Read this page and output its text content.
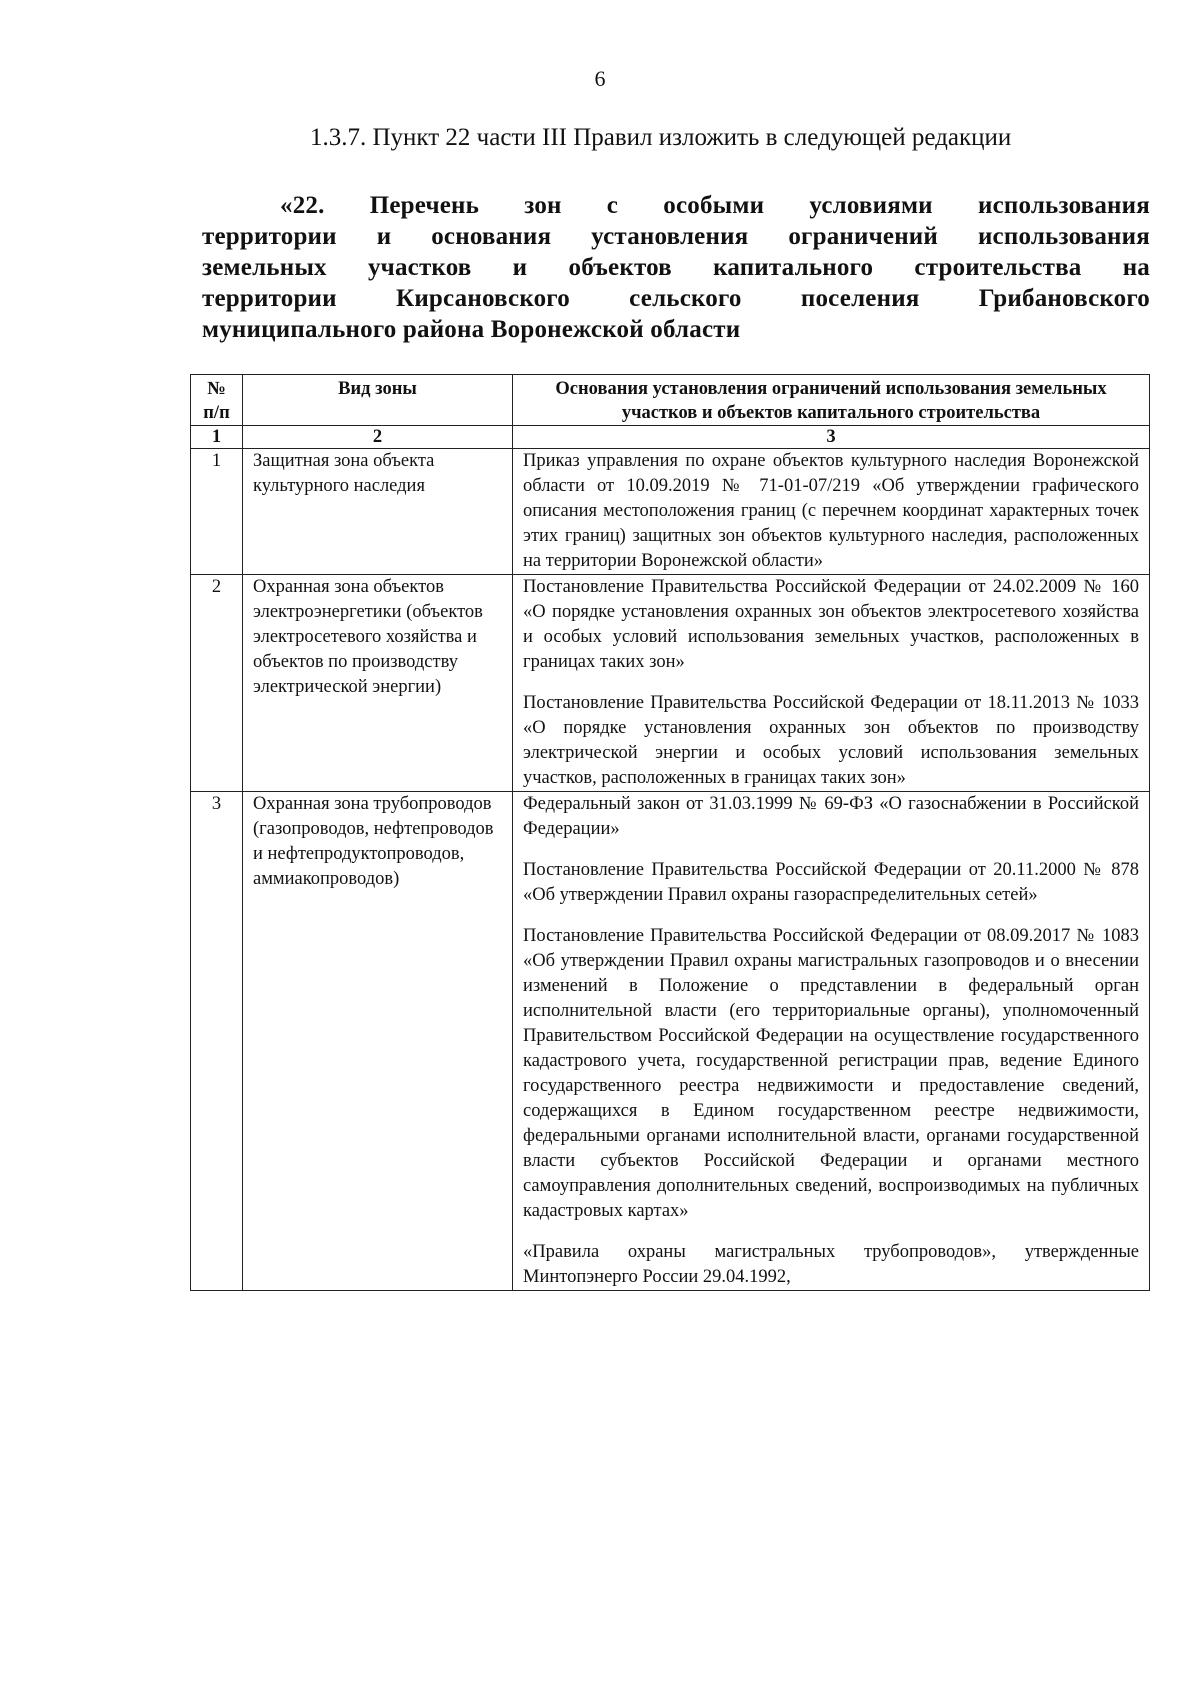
6
1.3.7. Пункт 22 части III Правил изложить в следующей редакции
«22. Перечень зон с особыми условиями использования
территории и основания установления ограничений использования
земельных участков и объектов капитального строительства на
территории Кирсановского сельского поселения Грибановского
муниципального района Воронежской области
№ п/п	Вид зоны	Основания установления ограничений использования земельных участков и объектов капитального строительства
1	2	3
1	Защитная зона объекта культурного наследия	Приказ управления по охране объектов культурного наследия Воронежской области от 10.09.2019 № 71-01-07/219 «Об утверждении графического описания местоположения границ (с перечнем координат характерных точек этих границ) защитных зон объектов культурного наследия, расположенных на территории Воронежской области»

2	Охранная зона объектов электроэнергетики (объектов электросетевого хозяйства и объектов по производству электрической энергии)	Постановление Правительства Российской Федерации от 24.02.2009 № 160 «О порядке установления охранных зон объектов электросетевого хозяйства и особых условий использования земельных участков, расположенных в границах таких зон»

Постановление Правительства Российской Федерации от 18.11.2013 № 1033 «О порядке установления охранных зон объектов по производству электрической энергии и особых условий использования земельных участков, расположенных в границах таких зон»

3	Охранная зона трубопроводов (газопроводов, нефтепроводов и нефтепродуктопроводов, аммиакопроводов)	Федеральный закон от 31.03.1999 № 69-ФЗ «О газоснабжении в Российской Федерации»

Постановление Правительства Российской Федерации от 20.11.2000 № 878 «Об утверждении Правил охраны газораспределительных сетей»

Постановление Правительства Российской Федерации от 08.09.2017 № 1083 «Об утверждении Правил охраны магистральных газопроводов и о внесении изменений в Положение о представлении в федеральный орган исполнительной власти (его территориальные органы), уполномоченный Правительством Российской Федерации на осуществление государственного кадастрового учета, государственной регистрации прав, ведение Единого государственного реестра недвижимости и предоставление сведений, содержащихся в Едином государственном реестре недвижимости, федеральными органами исполнительной власти, органами государственной власти субъектов Российской Федерации и органами местного самоуправления дополнительных сведений, воспроизводимых на публичных кадастровых картах»

«Правила охраны магистральных трубопроводов», утвержденные Минтопэнерго России 29.04.1992,
